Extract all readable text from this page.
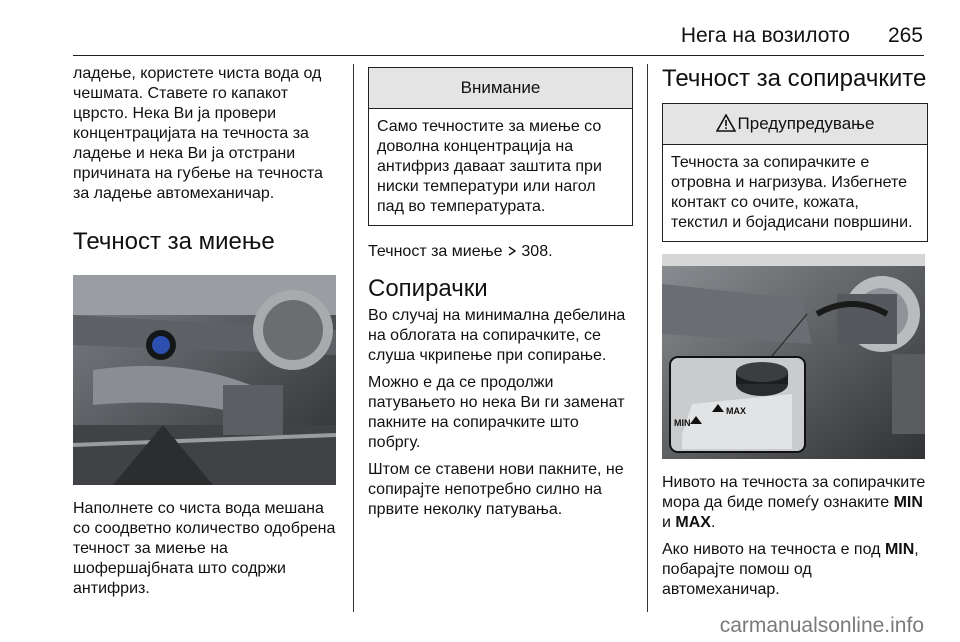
Нега на возилото 265

ладење, користете чиста вода од чешмата. Ставете го капакот цврсто. Нека Ви ја провери концентрацијата на течноста за ладење и нека Ви ја отстрани причината на губење на течноста за ладење автомеханичар.

Течност за миење

Наполнете со чиста вода мешана со соодветно количество одобрена течност за миење на шофершајбната што содржи антифриз.

Внимание
Само течностите за миење со доволна концентрација на антифриз даваат заштита при ниски температури или нагол пад во температурата.

Течност за миење 308.

Сопирачки

Во случај на минимална дебелина на облогата на сопирачките, се слуша чкрипење при сопирање.

Можно е да се продолжи патувањето но нека Ви ги заменат пакните на сопирачките што побргу.

Штом се ставени нови пакните, не сопирајте непотребно силно на првите неколку патувања.

Течност за сопирачките
Предупредување
Течноста за сопирачките е отровна и нагризува. Избегнете контакт со очите, кожата, текстил и бојадисани површини.
MAX
MIN

Нивото на течноста за сопирачките мора да биде помеѓу ознаките MIN и MAX.

Ако нивото на течноста е под MIN, побарајте помош од автомеханичар.

carmanualsonline.info
